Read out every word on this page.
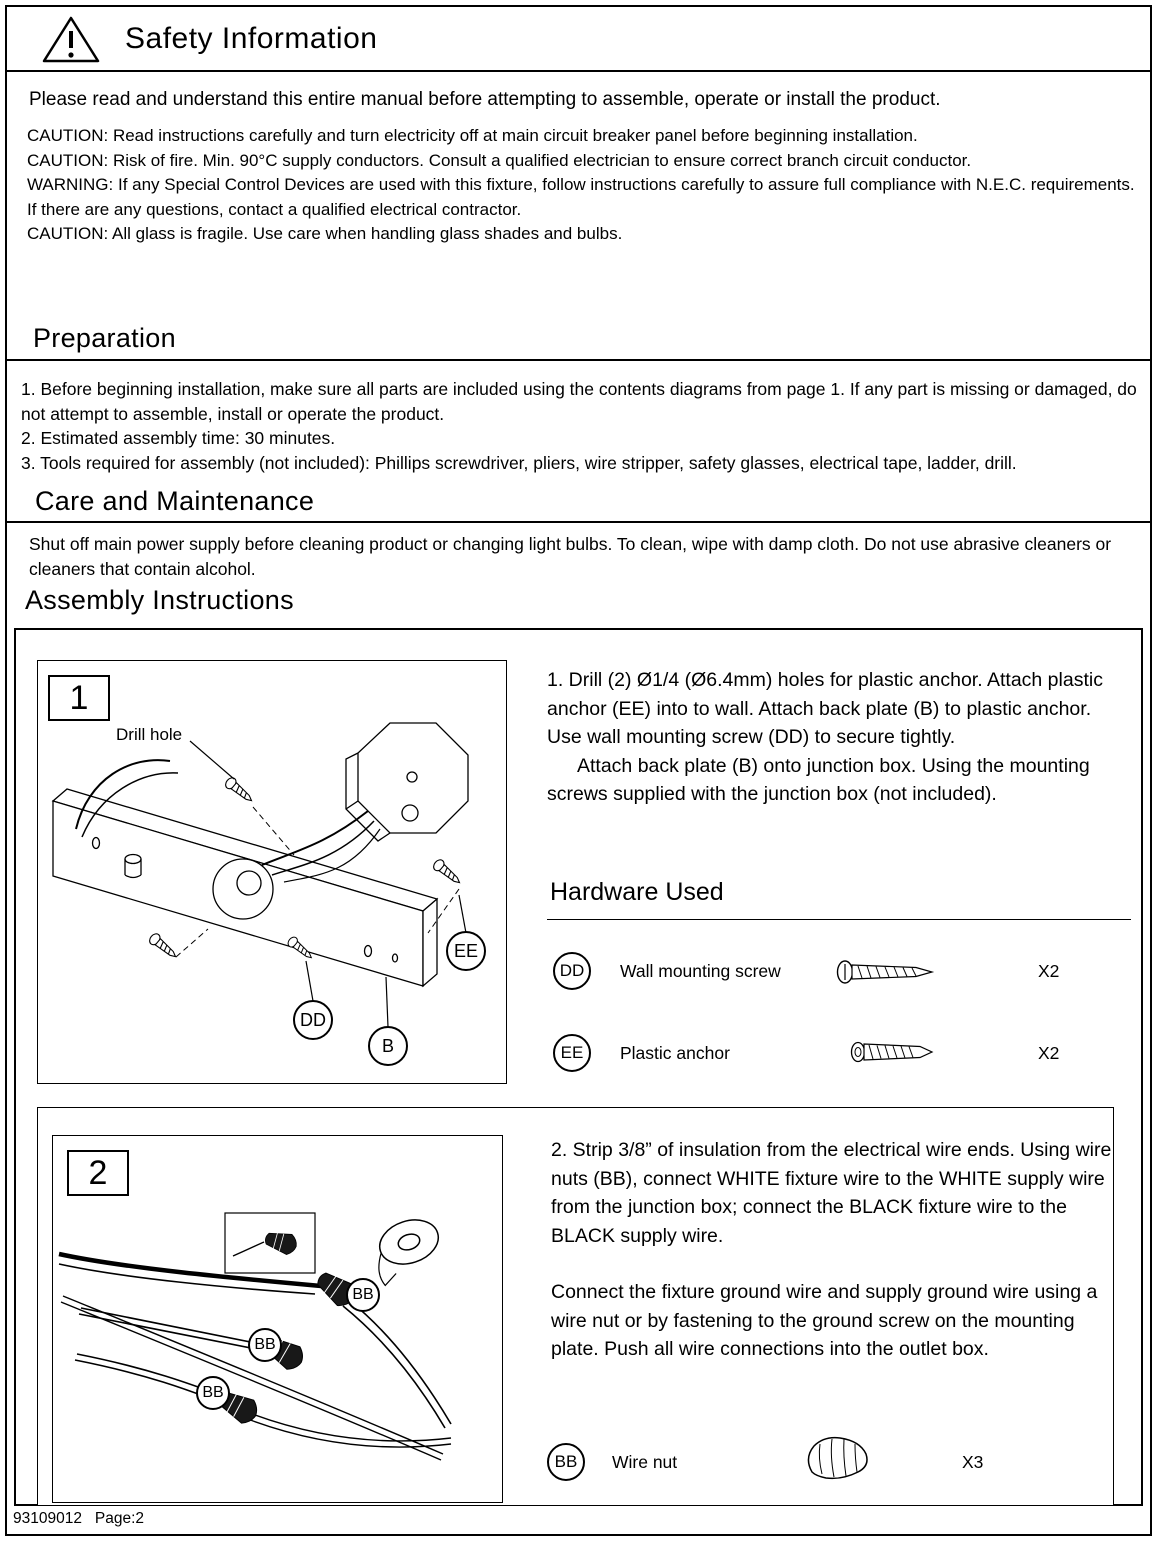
Safety Information

Please read and understand this entire manual before attempting to assemble, operate or install the product.

CAUTION: Read instructions carefully and turn electricity off at main circuit breaker panel before beginning installation.

CAUTION: Risk of fire. Min. 90°C supply conductors. Consult a qualified electrician to ensure correct branch circuit conductor.

WARNING: If any Special Control Devices are used with this fixture, follow instructions carefully to assure full compliance with N.E.C. requirements. If there are any questions, contact a qualified electrical contractor.

CAUTION: All glass is fragile. Use care when handling glass shades and bulbs.

Preparation

1. Before beginning installation, make sure all parts are included using the contents diagrams from page 1. If any part is missing or damaged, do not attempt to assemble, install or operate the product.

2. Estimated assembly time: 30 minutes.

3. Tools required for assembly (not included): Phillips screwdriver, pliers, wire stripper, safety glasses, electrical tape, ladder, drill.

Care and Maintenance

Shut off main power supply before cleaning product or changing light bulbs. To clean, wipe with damp cloth. Do not use abrasive cleaners or cleaners that contain alcohol.

Assembly Instructions
1
Drill hole
EE
DD
B

1. Drill (2) Ø1/4 (Ø6.4mm) holes for plastic anchor. Attach plastic anchor (EE) into to wall. Attach back plate (B) to plastic anchor. Use wall mounting screw (DD) to secure tightly.

Attach back plate (B) onto junction box. Using the mounting screws supplied with the junction box (not included).

Hardware Used
DD	Wall mounting screw	X2
EE	Plastic anchor	X2
2
BB
BB
BB

2. Strip 3/8” of insulation from the electrical wire ends. Using wire nuts (BB), connect WHITE fixture wire to the WHITE supply wire from the junction box; connect the BLACK fixture wire to the BLACK supply wire.

Connect the fixture ground wire and supply ground wire using a wire nut or by fastening to the ground screw on the mounting plate. Push all wire connections into the outlet box.

BB	Wire nut	X3
93109012   Page:2
